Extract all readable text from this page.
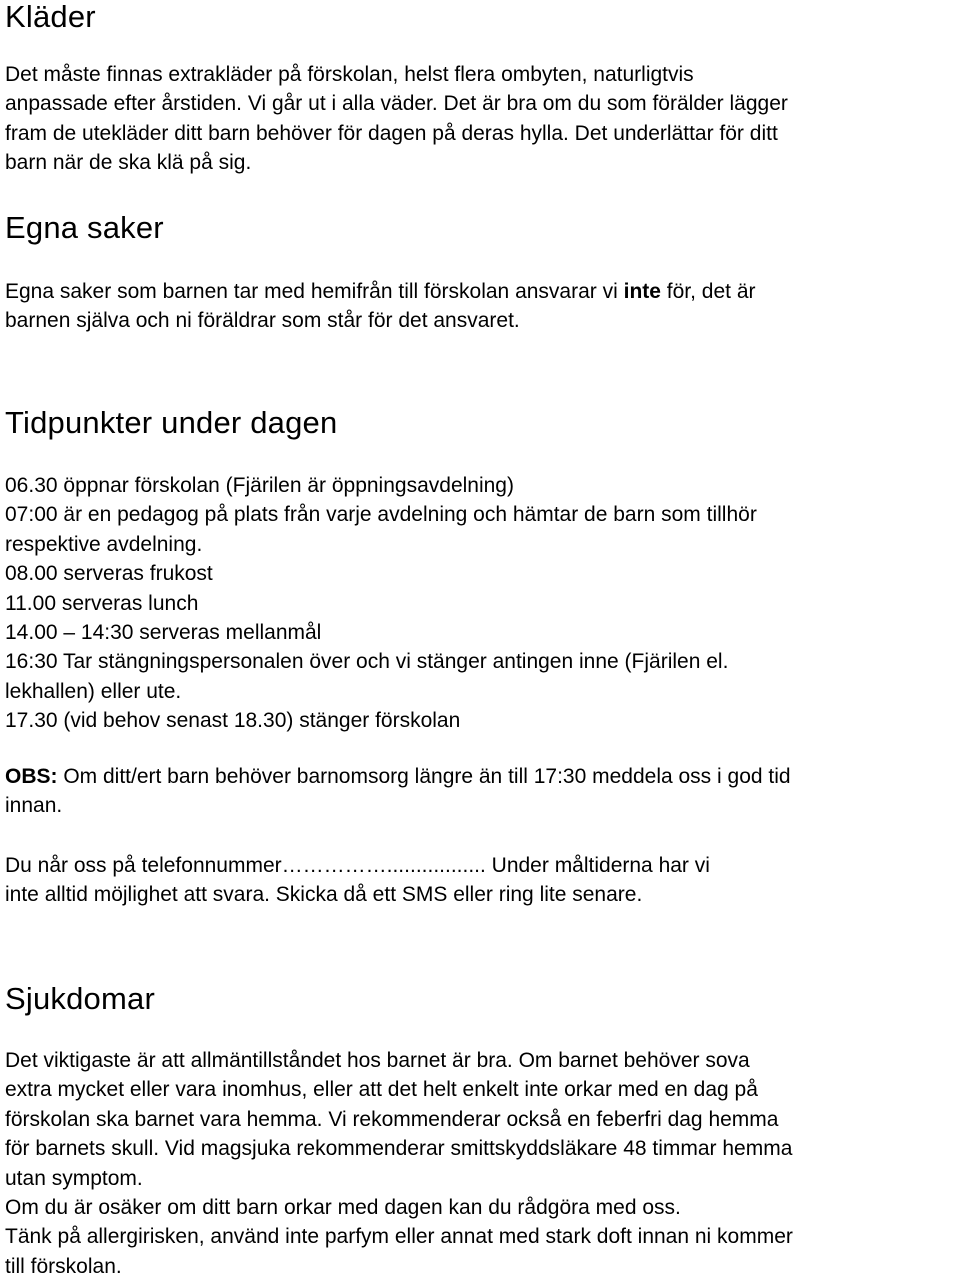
Kläder

Det måste finnas extrakläder på förskolan, helst flera ombyten, naturligtvis
anpassade efter årstiden. Vi går ut i alla väder. Det är bra om du som förälder lägger
fram de utekläder ditt barn behöver för dagen på deras hylla. Det underlättar för ditt
barn när de ska klä på sig.

Egna saker

Egna saker som barnen tar med hemifrån till förskolan ansvarar vi inte för, det är
barnen själva och ni föräldrar som står för det ansvaret.

Tidpunkter under dagen

06.30 öppnar förskolan (Fjärilen är öppningsavdelning)
07:00 är en pedagog på plats från varje avdelning och hämtar de barn som tillhör
respektive avdelning.
08.00 serveras frukost
11.00 serveras lunch
14.00 – 14:30 serveras mellanmål
16:30 Tar stängningspersonalen över och vi stänger antingen inne (Fjärilen el.
lekhallen) eller ute.
17.30 (vid behov senast 18.30) stänger förskolan

OBS: Om ditt/ert barn behöver barnomsorg längre än till 17:30 meddela oss i god tid
innan.

Du når oss på telefonnummer……………................. Under måltiderna har vi
inte alltid möjlighet att svara. Skicka då ett SMS eller ring lite senare.

Sjukdomar

Det viktigaste är att allmäntillståndet hos barnet är bra. Om barnet behöver sova
extra mycket eller vara inomhus, eller att det helt enkelt inte orkar med en dag på
förskolan ska barnet vara hemma. Vi rekommenderar också en feberfri dag hemma
för barnets skull. Vid magsjuka rekommenderar smittskyddsläkare 48 timmar hemma
utan symptom.
Om du är osäker om ditt barn orkar med dagen kan du rådgöra med oss.
Tänk på allergirisken, använd inte parfym eller annat med stark doft innan ni kommer
till förskolan.
